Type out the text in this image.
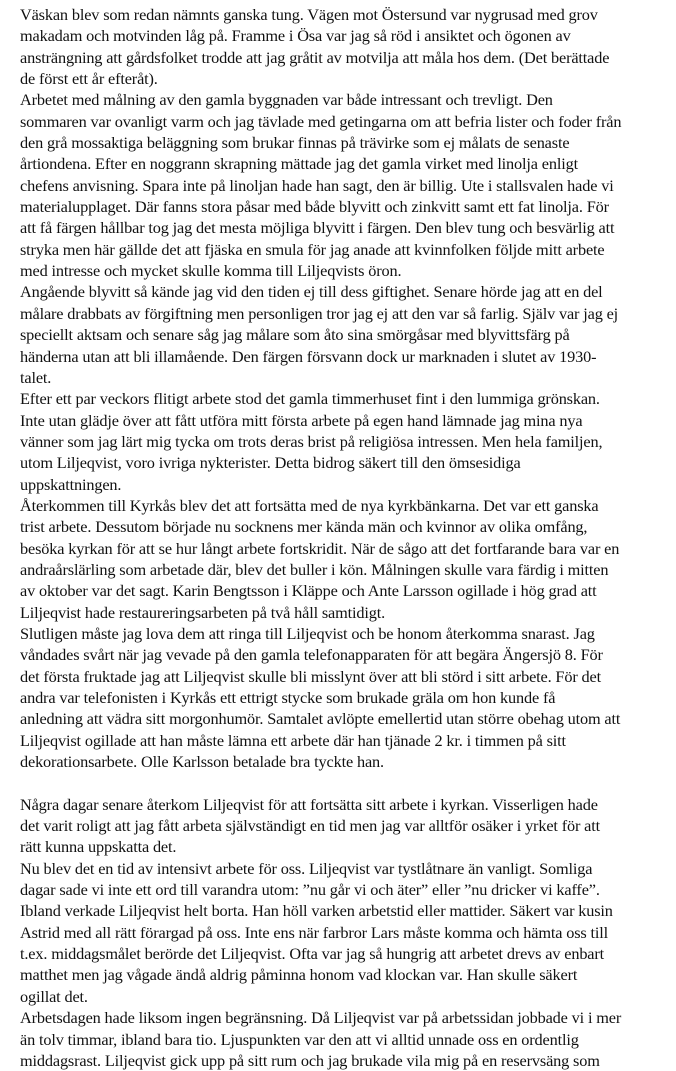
Väskan blev som redan nämnts ganska tung. Vägen mot Östersund var nygrusad med grov
makadam och motvinden låg på. Framme i Ösa var jag så röd i ansiktet och ögonen av
ansträngning att gårdsfolket trodde att jag gråtit av motvilja att måla hos dem. (Det berättade
de först ett år efteråt).
Arbetet med målning av den gamla byggnaden var både intressant och trevligt. Den
sommaren var ovanligt varm och jag tävlade med getingarna om att befria lister och foder från
den grå mossaktiga beläggning som brukar finnas på trävirke som ej målats de senaste
årtiondena. Efter en noggrann skrapning mättade jag det gamla virket med linolja enligt
chefens anvisning. Spara inte på linoljan hade han sagt, den är billig. Ute i stallsvalen hade vi
materialupplaget. Där fanns stora påsar med både blyvitt och zinkvitt samt ett fat linolja. För
att få färgen hållbar tog jag det mesta möjliga blyvitt i färgen. Den blev tung och besvärlig att
stryka men här gällde det att fjäska en smula för jag anade att kvinnfolken följde mitt arbete
med intresse och mycket skulle komma till Liljeqvists öron.
Angående blyvitt så kände jag vid den tiden ej till dess giftighet. Senare hörde jag att en del
målare drabbats av förgiftning men personligen tror jag ej att den var så farlig. Själv var jag ej
speciellt aktsam och senare såg jag målare som åto sina smörgåsar med blyvittsfärg på
händerna utan att bli illamående. Den färgen försvann dock ur marknaden i slutet av 1930-
talet.
Efter ett par veckors flitigt arbete stod det gamla timmerhuset fint i den lummiga grönskan.
Inte utan glädje över att fått utföra mitt första arbete på egen hand lämnade jag mina nya
vänner som jag lärt mig tycka om trots deras brist på religiösa intressen. Men hela familjen,
utom Liljeqvist, voro ivriga nykterister. Detta bidrog säkert till den ömsesidiga
uppskattningen.
Återkommen till Kyrkås blev det att fortsätta med de nya kyrkbänkarna. Det var ett ganska
trist arbete. Dessutom började nu socknens mer kända män och kvinnor av olika omfång,
besöka kyrkan för att se hur långt arbete fortskridit. När de sågo att det fortfarande bara var en
andraårslärling som arbetade där, blev det buller i kön. Målningen skulle vara färdig i mitten
av oktober var det sagt. Karin Bengtsson i Kläppe och Ante Larsson ogillade i hög grad att
Liljeqvist hade restaureringsarbeten på två håll samtidigt.
Slutligen måste jag lova dem att ringa till Liljeqvist och be honom återkomma snarast. Jag
våndades svårt när jag vevade på den gamla telefonapparaten för att begära Ängersjö 8. För
det första fruktade jag att Liljeqvist skulle bli misslynt över att bli störd i sitt arbete. För det
andra var telefonisten i Kyrkås ett ettrigt stycke som brukade gräla om hon kunde få
anledning att vädra sitt morgonhumör. Samtalet avlöpte emellertid utan större obehag utom att
Liljeqvist ogillade att han måste lämna ett arbete där han tjänade 2 kr. i timmen på sitt
dekorationsarbete. Olle Karlsson betalade bra tyckte han.
Några dagar senare återkom Liljeqvist för att fortsätta sitt arbete i kyrkan. Visserligen hade
det varit roligt att jag fått arbeta självständigt en tid men jag var alltför osäker i yrket för att
rätt kunna uppskatta det.
Nu blev det en tid av intensivt arbete för oss. Liljeqvist var tystlåtnare än vanligt. Somliga
dagar sade vi inte ett ord till varandra utom: ”nu går vi och äter” eller ”nu dricker vi kaffe”.
Ibland verkade Liljeqvist helt borta. Han höll varken arbetstid eller mattider. Säkert var kusin
Astrid med all rätt förargad på oss. Inte ens när farbror Lars måste komma och hämta oss till
t.ex. middagsmålet berörde det Liljeqvist. Ofta var jag så hungrig att arbetet drevs av enbart
matthet men jag vågade ändå aldrig påminna honom vad klockan var. Han skulle säkert
ogillat det.
Arbetsdagen hade liksom ingen begränsning. Då Liljeqvist var på arbetssidan jobbade vi i mer
än tolv timmar, ibland bara tio. Ljuspunkten var den att vi alltid unnade oss en ordentlig
middagsrast. Liljeqvist gick upp på sitt rum och jag brukade vila mig på en reservsäng som
